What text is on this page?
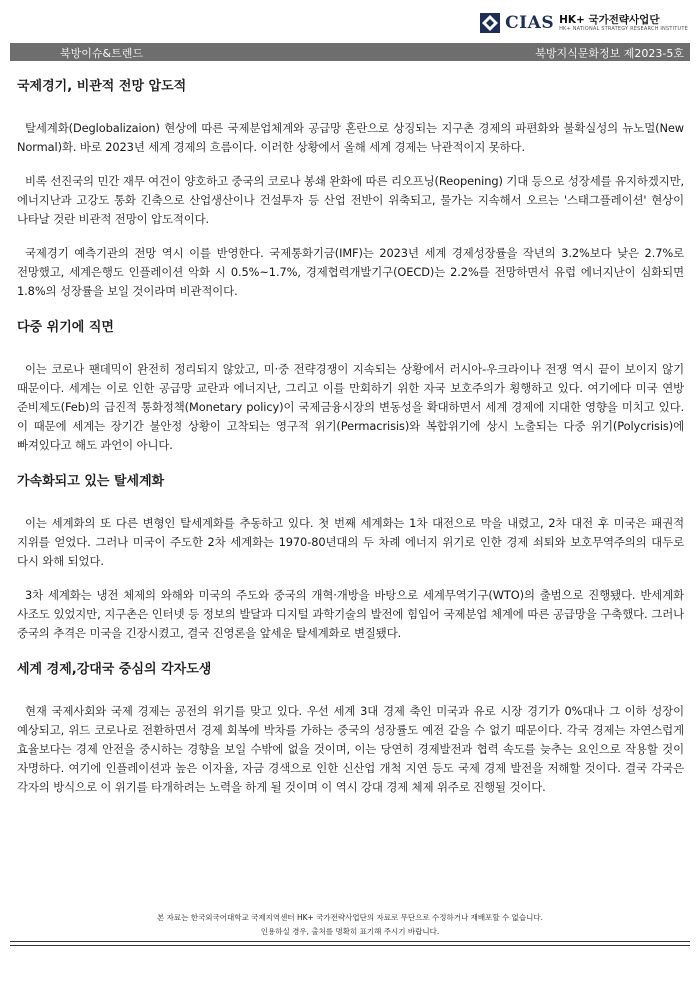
CIAS HK+ 국가전략사업단
HK+ NATIONAL STRATEGY RESEARCH INSTITUTE
북방이슈&트렌드	북방지식문화정보 제2023-5호
국제경기, 비관적 전망 압도적

탈세계화(Deglobalizaion) 현상에 따른 국제분업체계와 공급망 혼란으로 상징되는 지구촌 경제의 파편화와 불확실성의 뉴노멀(New Normal)화. 바로 2023년 세계 경제의 흐름이다. 이러한 상황에서 올해 세계 경제는 낙관적이지 못하다.

비록 선진국의 민간 재무 여건이 양호하고 중국의 코로나 봉쇄 완화에 따른 리오프닝(Reopening) 기대 등으로 성장세를 유지하겠지만, 에너지난과 고강도 통화 긴축으로 산업생산이나 건설투자 등 산업 전반이 위축되고, 물가는 지속해서 오르는 '스태그플레이션' 현상이 나타날 것란 비관적 전망이 압도적이다.

국제경기 예측기관의 전망 역시 이를 반영한다. 국제통화기금(IMF)는 2023년 세계 경제성장률을 작년의 3.2%보다 낮은 2.7%로 전망했고, 세계은행도 인플레이션 악화 시 0.5%~1.7%, 경제협력개발기구(OECD)는 2.2%를 전망하면서 유럽 에너지난이 심화되면 1.8%의 성장률을 보일 것이라며 비관적이다.

다중 위기에 직면

이는 코로나 팬데믹이 완전히 정리되지 않았고, 미·중 전략경쟁이 지속되는 상황에서 러시아-우크라이나 전쟁 역시 끝이 보이지 않기 때문이다. 세계는 이로 인한 공급망 교란과 에너지난, 그리고 이를 만회하기 위한 자국 보호주의가 횡행하고 있다. 여기에다 미국 연방 준비제도(Feb)의 급진적 통화정책(Monetary policy)이 국제금융시장의 변동성을 확대하면서 세계 경제에 지대한 영향을 미치고 있다. 이 때문에 세계는 장기간 불안정 상황이 고착되는 영구적 위기(Permacrisis)와 복합위기에 상시 노출되는 다중 위기(Polycrisis)에 빠져있다고 해도 과언이 아니다.

가속화되고 있는 탈세계화

이는 세계화의 또 다른 변형인 탈세계화를 추동하고 있다. 첫 번째 세계화는 1차 대전으로 막을 내렸고, 2차 대전 후 미국은 패권적 지위를 얻었다. 그러나 미국이 주도한 2차 세계화는 1970-80년대의 두 차례 에너지 위기로 인한 경제 쇠퇴와 보호무역주의의 대두로 다시 와해 되었다.

3차 세계화는 냉전 체제의 와해와 미국의 주도와 중국의 개혁·개방을 바탕으로 세계무역기구(WTO)의 출범으로 진행됐다. 반세계화 사조도 있었지만, 지구촌은 인터넷 등 정보의 발달과 디지털 과학기술의 발전에 힘입어 국제분업 체계에 따른 공급망을 구축했다. 그러나 중국의 추격은 미국을 긴장시켰고, 결국 진영론을 앞세운 탈세계화로 변질됐다.

세계 경제,강대국 중심의 각자도생

현재 국제사회와 국제 경제는 공전의 위기를 맞고 있다. 우선 세계 3대 경제 축인 미국과 유로 시장 경기가 0%대나 그 이하 성장이 예상되고, 위드 코로나로 전환하면서 경제 회복에 박차를 가하는 중국의 성장률도 예전 같을 수 없기 때문이다. 각국 경제는 자연스럽게 효율보다는 경제 안전을 중시하는 경향을 보일 수밖에 없을 것이며, 이는 당연히 경제발전과 협력 속도를 늦추는 요인으로 작용할 것이 자명하다. 여기에 인플레이션과 높은 이자율, 자금 경색으로 인한 신산업 개척 지연 등도 국제 경제 발전을 저해할 것이다. 결국 각국은 각자의 방식으로 이 위기를 타개하려는 노력을 하게 될 것이며 이 역시 강대 경제 체제 위주로 진행될 것이다.

본 자료는 한국외국어대학교 국제지역센터 HK+ 국가전략사업단의 자료로 무단으로 수정하거나 재배포할 수 없습니다.
인용하실 경우, 출처를 명확히 표기해 주시기 바랍니다.
